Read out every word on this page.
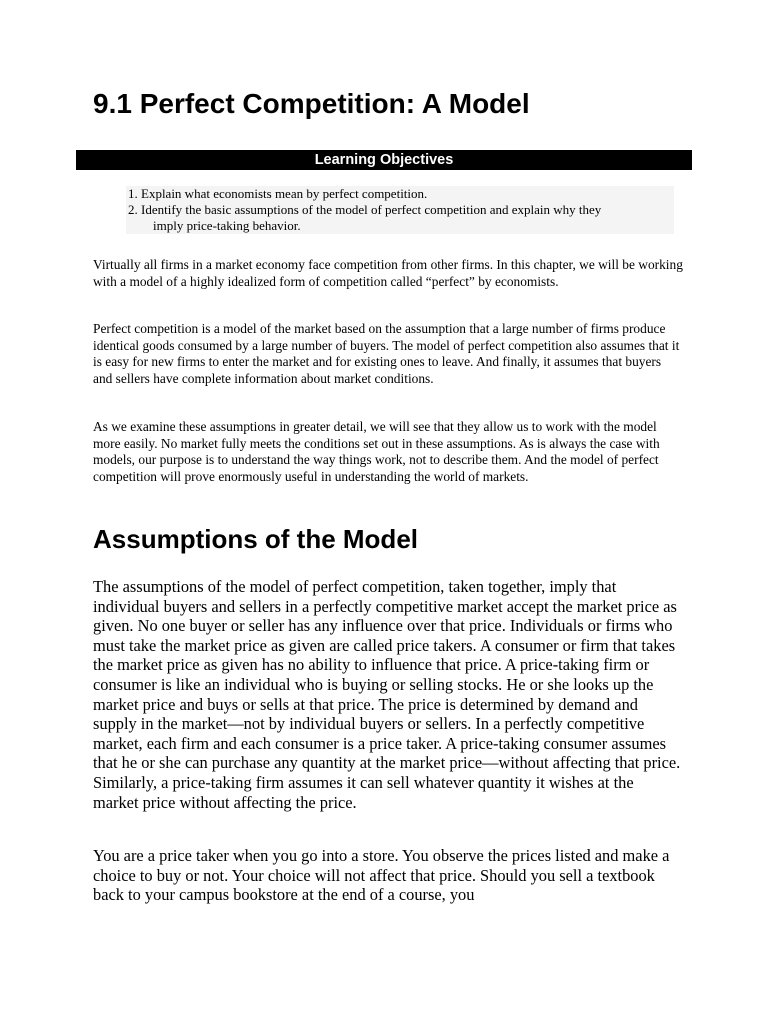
9.1 Perfect Competition: A Model
Learning Objectives
1. Explain what economists mean by perfect competition.
2. Identify the basic assumptions of the model of perfect competition and explain why they
imply price-taking behavior.

Virtually all firms in a market economy face competition from other firms. In this chapter, we will be working with a model of a highly idealized form of competition called “perfect” by economists.

Perfect competition is a model of the market based on the assumption that a large number of firms produce identical goods consumed by a large number of buyers. The model of perfect competition also assumes that it is easy for new firms to enter the market and for existing ones to leave. And finally, it assumes that buyers and sellers have complete information about market conditions.

As we examine these assumptions in greater detail, we will see that they allow us to work with the model more easily. No market fully meets the conditions set out in these assumptions. As is always the case with models, our purpose is to understand the way things work, not to describe them. And the model of perfect competition will prove enormously useful in understanding the world of markets.

Assumptions of the Model

The assumptions of the model of perfect competition, taken together, imply that individual buyers and sellers in a perfectly competitive market accept the market price as given. No one buyer or seller has any influence over that price. Individuals or firms who must take the market price as given are called price takers. A consumer or firm that takes the market price as given has no ability to influence that price. A price-taking firm or consumer is like an individual who is buying or selling stocks. He or she looks up the market price and buys or sells at that price. The price is determined by demand and supply in the market—not by individual buyers or sellers. In a perfectly competitive market, each firm and each consumer is a price taker. A price-taking consumer assumes that he or she can purchase any quantity at the market price—without affecting that price. Similarly, a price-taking firm assumes it can sell whatever quantity it wishes at the market price without affecting the price.

You are a price taker when you go into a store. You observe the prices listed and make a choice to buy or not. Your choice will not affect that price. Should you sell a textbook back to your campus bookstore at the end of a course, you
